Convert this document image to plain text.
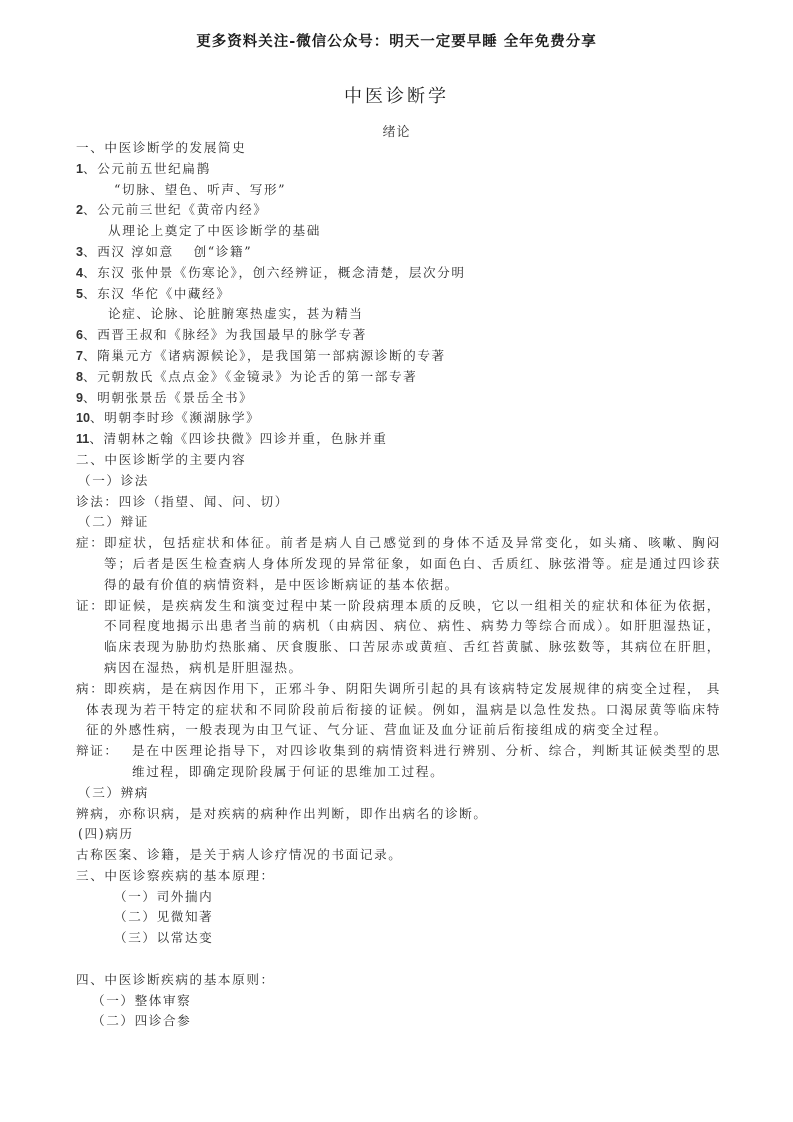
更多资料关注-微信公众号：明天一定要早睡 全年免费分享
中医诊断学
绪论
一、中医诊断学的发展简史
1、公元前五世纪扁鹊
“切脉、望色、听声、写形”
2、公元前三世纪《黄帝内经》
从理论上奠定了中医诊断学的基础
3、西汉 淳如意　 创“诊籍”
4、东汉 张仲景《伤寒论》，创六经辨证，概念清楚，层次分明
5、东汉 华佗《中藏经》
论症、论脉、论脏腑寒热虚实，甚为精当
6、西晋王叔和《脉经》为我国最早的脉学专著
7、隋巢元方《诸病源候论》，是我国第一部病源诊断的专著
8、元朝敖氏《点点金》《金镜录》为论舌的第一部专著
9、明朝张景岳《景岳全书》
10、明朝李时珍《濒湖脉学》
11、清朝林之翰《四诊抉微》四诊并重，色脉并重
二、中医诊断学的主要内容
（一）诊法
诊法：四诊（指望、闻、问、切）
（二）辩证
症： 即症状，包括症状和体征。前者是病人自己感觉到的身体不适及异常变化，如头痛、咳嗽、胸闷等；后者是医生检查病人身体所发现的异常征象，如面色白、舌质红、脉弦滑等。症是通过四诊获得的最有价值的病情资料，是中医诊断病证的基本依据。
证： 即证候，是疾病发生和演变过程中某一阶段病理本质的反映，它以一组相关的症状和体征为依据，不同程度地揭示出患者当前的病机（由病因、病位、病性、病势力等综合而成）。如肝胆湿热证，临床表现为胁肋灼热胀痛、厌食腹胀、口苦尿赤或黄疸、舌红苔黄腻、脉弦数等，其病位在肝胆，病因在湿热，病机是肝胆湿热。
病： 即疾病，是在病因作用下，正邪斗争、阴阳失调所引起的具有该病特定发展规律的病变全过程， 具体表现为若干特定的症状和不同阶段前后衔接的证候。例如，温病是以急性发热。口渴尿黄等临床特征的外感性病，一般表现为由卫气证、气分证、营血证及血分证前后衔接组成的病变全过程。
辩证：	是在中医理论指导下，对四诊收集到的病情资料进行辨别、分析、综合，判断其证候类型的思维过程，即确定现阶段属于何证的思维加工过程。
（三）辨病
辨病，亦称识病，是对疾病的病种作出判断，即作出病名的诊断。
(四)病历
古称医案、诊籍，是关于病人诊疗情况的书面记录。
三、中医诊察疾病的基本原理：
（一）司外揣内
（二）见微知著
（三）以常达变
四、中医诊断疾病的基本原则：
（一）整体审察
（二）四诊合参
